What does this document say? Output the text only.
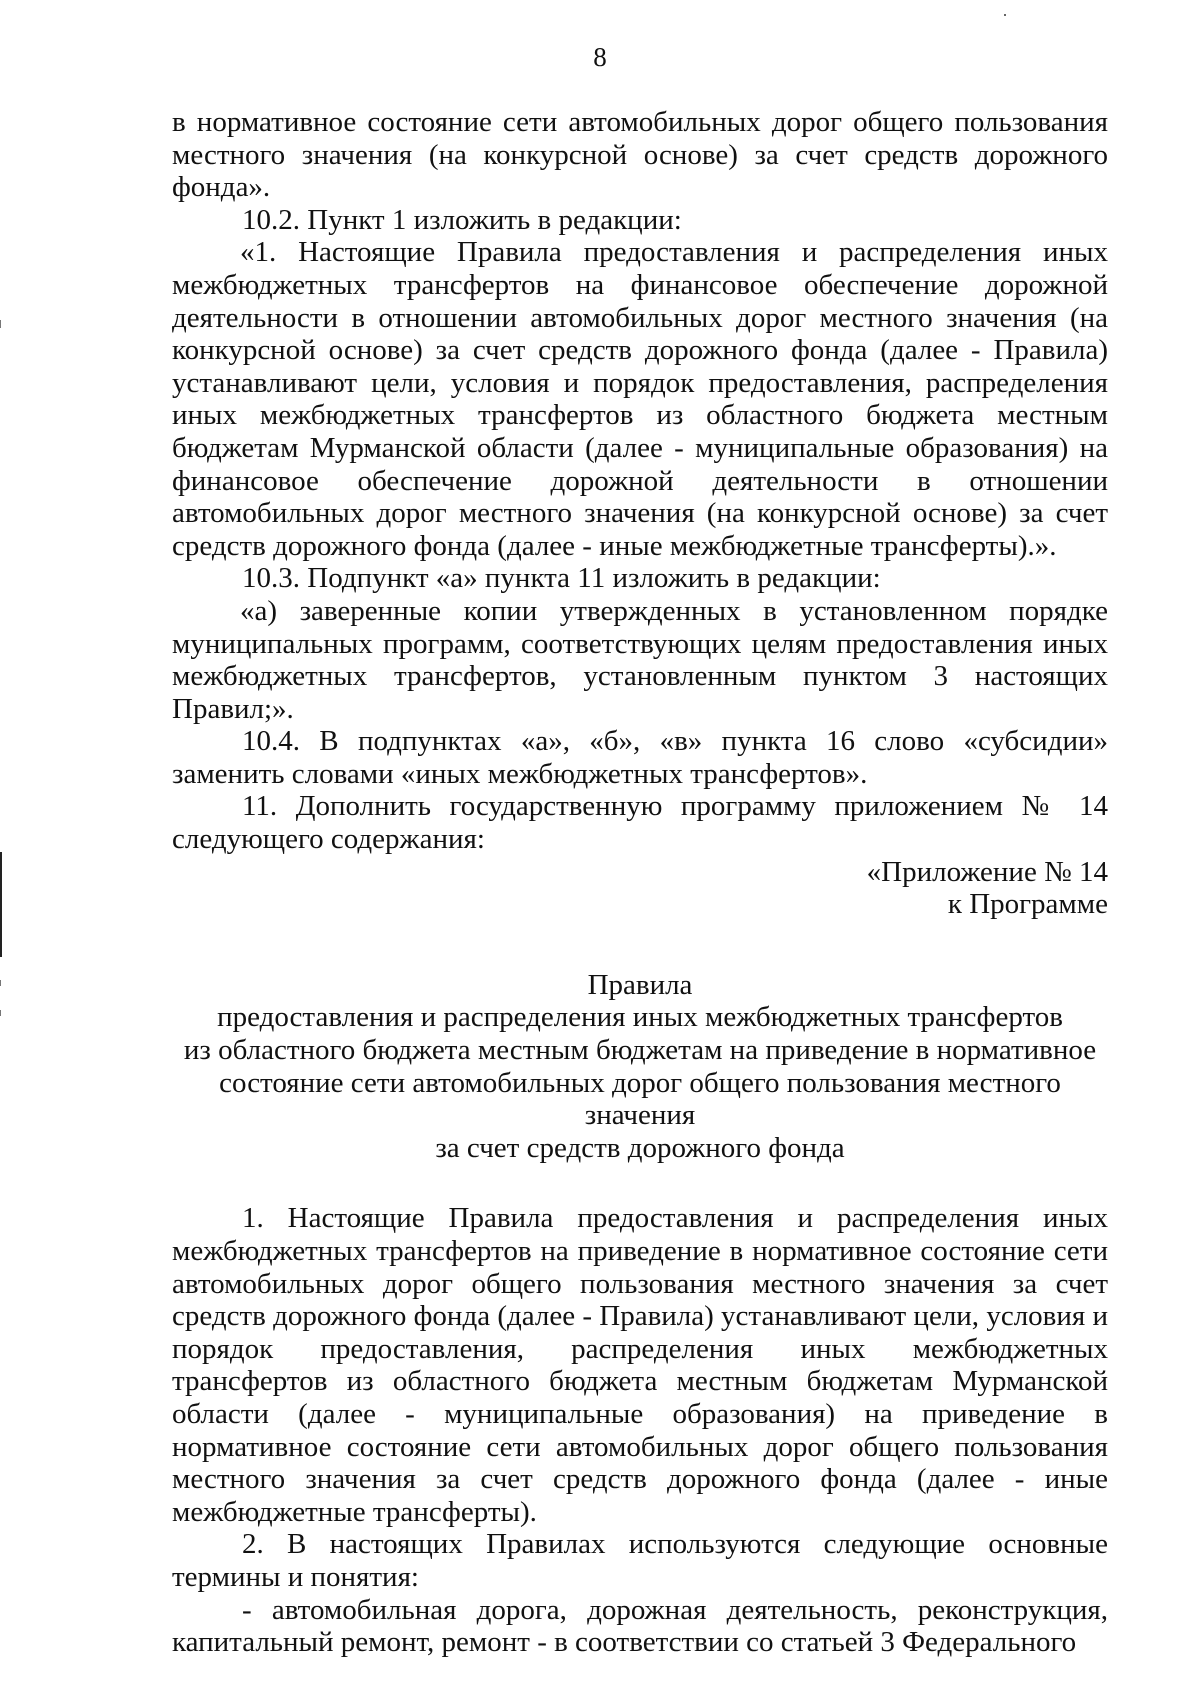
8

в нормативное состояние сети автомобильных дорог общего пользования местного значения (на конкурсной основе) за счет средств дорожного фонда».

10.2. Пункт 1 изложить в редакции:

«1. Настоящие Правила предоставления и распределения иных межбюджетных трансфертов на финансовое обеспечение дорожной деятельности в отношении автомобильных дорог местного значения (на конкурсной основе) за счет средств дорожного фонда (далее - Правила) устанавливают цели, условия и порядок предоставления, распределения иных межбюджетных трансфертов из областного бюджета местным бюджетам Мурманской области (далее - муниципальные образования) на финансовое обеспечение дорожной деятельности в отношении автомобильных дорог местного значения (на конкурсной основе) за счет средств дорожного фонда (далее - иные межбюджетные трансферты).».

10.3. Подпункт «а» пункта 11 изложить в редакции:

«а) заверенные копии утвержденных в установленном порядке муниципальных программ, соответствующих целям предоставления иных межбюджетных трансфертов, установленным пунктом 3 настоящих Правил;».

10.4. В подпунктах «а», «б», «в» пункта 16 слово «субсидии» заменить словами «иных межбюджетных трансфертов».

11. Дополнить государственную программу приложением № 14 следующего содержания:

«Приложение № 14
к Программе
Правила
предоставления и распределения иных межбюджетных трансфертов
из областного бюджета местным бюджетам на приведение в нормативное
состояние сети автомобильных дорог общего пользования местного значения
за счет средств дорожного фонда

1. Настоящие Правила предоставления и распределения иных межбюджетных трансфертов на приведение в нормативное состояние сети автомобильных дорог общего пользования местного значения за счет средств дорожного фонда (далее - Правила) устанавливают цели, условия и порядок предоставления, распределения иных межбюджетных трансфертов из областного бюджета местным бюджетам Мурманской области (далее - муниципальные образования) на приведение в нормативное состояние сети автомобильных дорог общего пользования местного значения за счет средств дорожного фонда (далее - иные межбюджетные трансферты).

2. В настоящих Правилах используются следующие основные термины и понятия:

- автомобильная дорога, дорожная деятельность, реконструкция, капитальный ремонт, ремонт - в соответствии со статьей 3 Федерального
